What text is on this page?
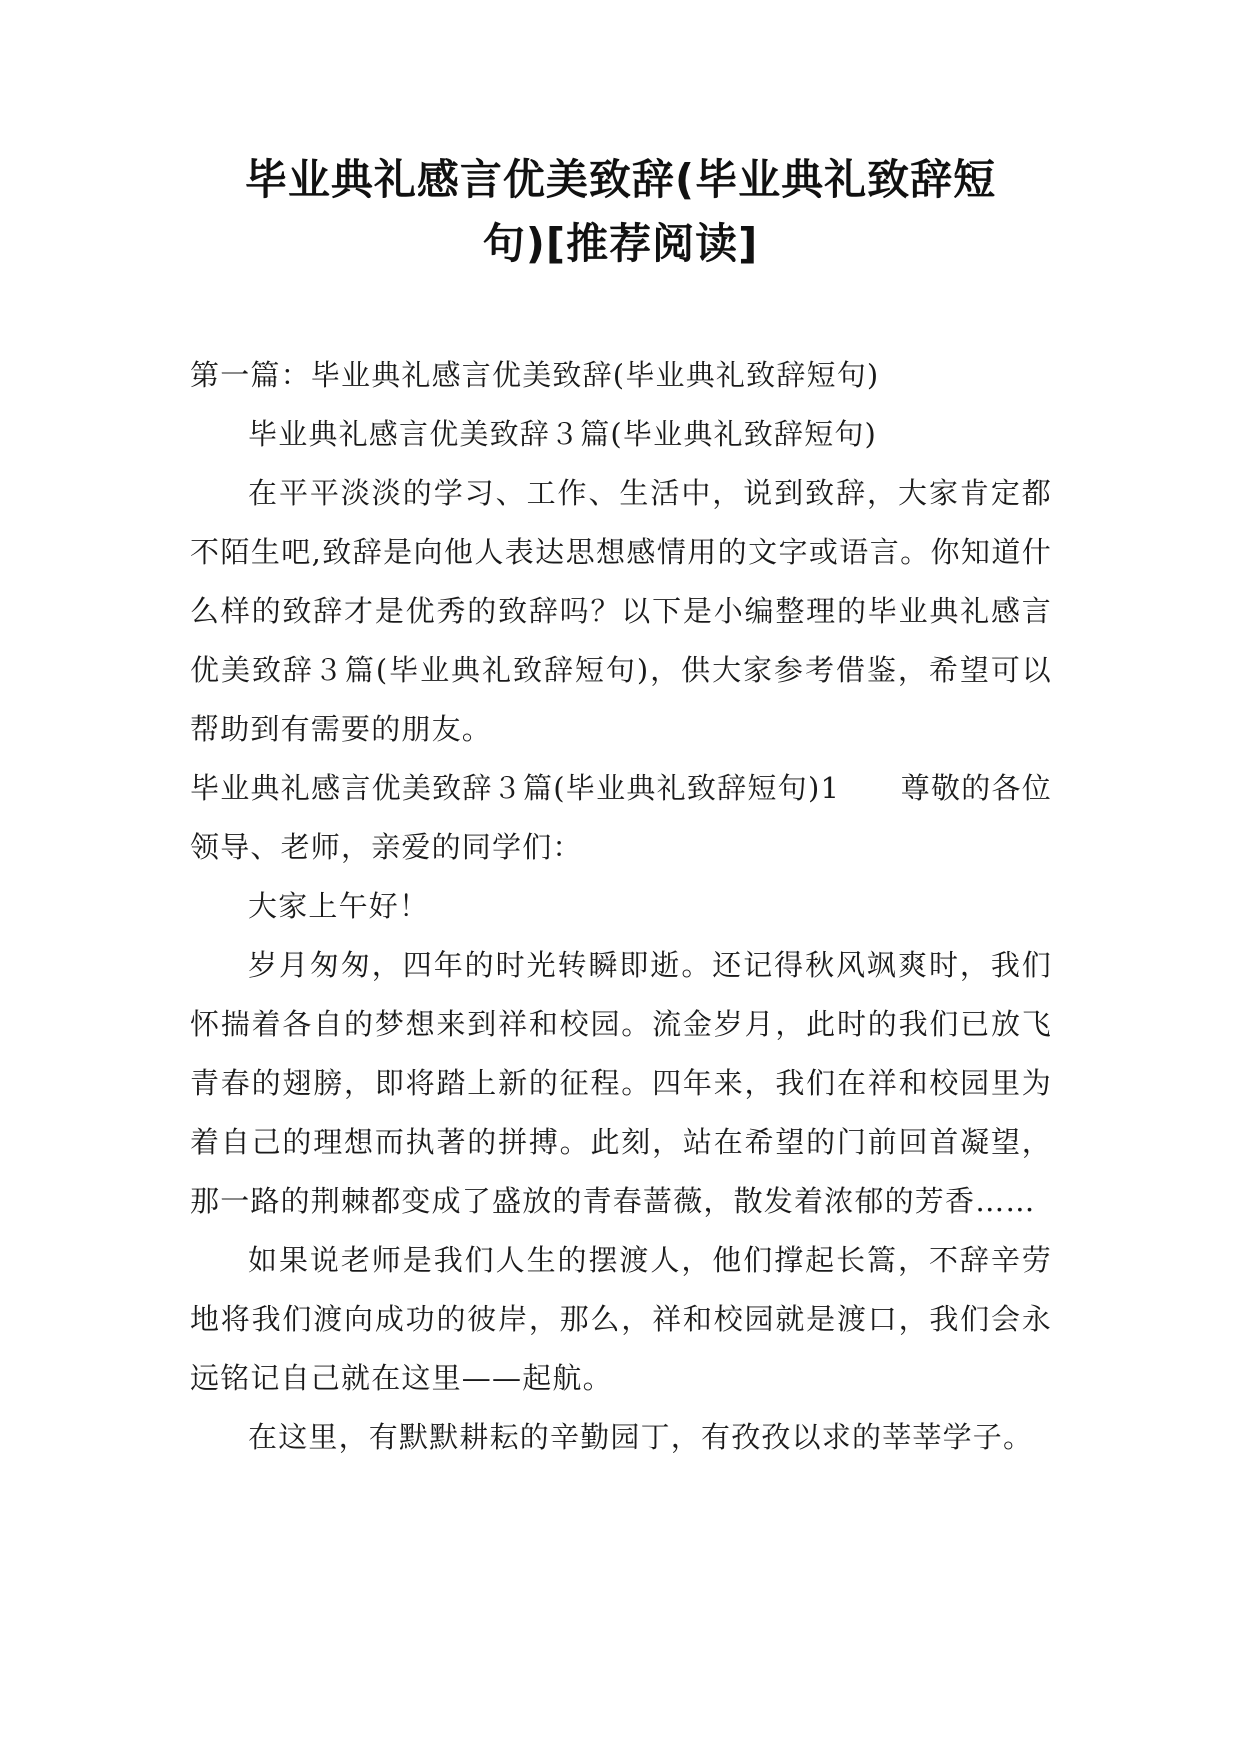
毕业典礼感言优美致辞(毕业典礼致辞短
句)[推荐阅读]

第一篇：毕业典礼感言优美致辞(毕业典礼致辞短句)

毕业典礼感言优美致辞３篇(毕业典礼致辞短句)

在平平淡淡的学习、工作、生活中，说到致辞，大家肯定都不陌生吧,致辞是向他人表达思想感情用的文字或语言。你知道什么样的致辞才是优秀的致辞吗？以下是小编整理的毕业典礼感言优美致辞３篇(毕业典礼致辞短句)，供大家参考借鉴，希望可以帮助到有需要的朋友。

毕业典礼感言优美致辞３篇(毕业典礼致辞短句)1　　尊敬的各位领导、老师，亲爱的同学们：

大家上午好！

岁月匆匆，四年的时光转瞬即逝。还记得秋风飒爽时，我们怀揣着各自的梦想来到祥和校园。流金岁月，此时的我们已放飞青春的翅膀，即将踏上新的征程。四年来，我们在祥和校园里为着自己的理想而执著的拼搏。此刻，站在希望的门前回首凝望，那一路的荆棘都变成了盛放的青春蔷薇，散发着浓郁的芳香……

如果说老师是我们人生的摆渡人，他们撑起长篙，不辞辛劳地将我们渡向成功的彼岸，那么，祥和校园就是渡口，我们会永远铭记自己就在这里——起航。

在这里，有默默耕耘的辛勤园丁，有孜孜以求的莘莘学子。
